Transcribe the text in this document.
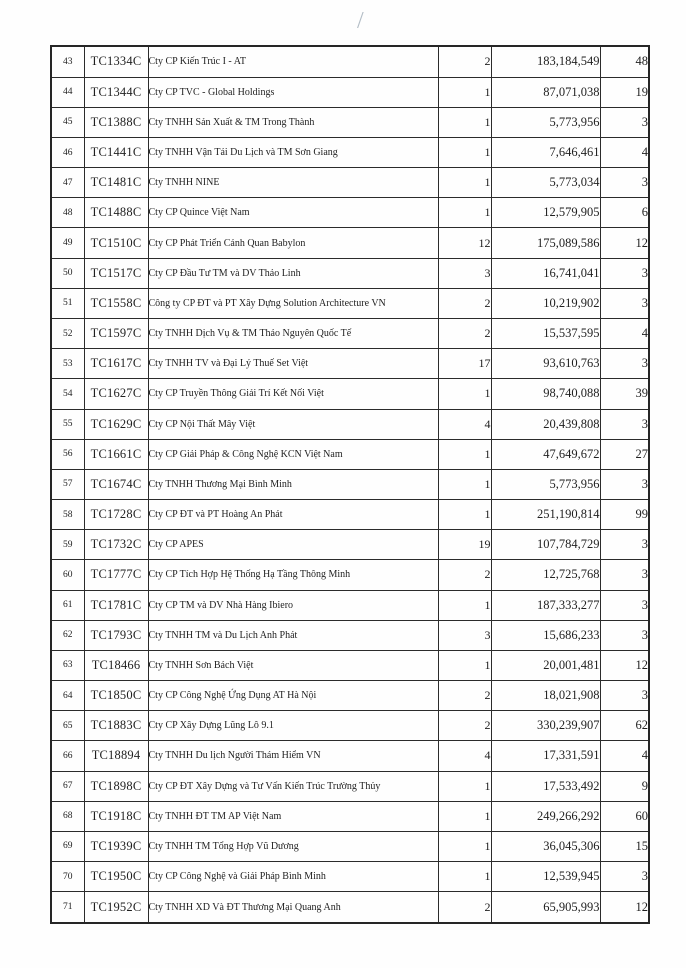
/
43	TC1334C	Cty CP Kiến Trúc I - AT	2	183,184,549	48
44	TC1344C	Cty CP TVC - Global Holdings	1	87,071,038	19
45	TC1388C	Cty TNHH Sản Xuất & TM Trong Thành	1	5,773,956	3
46	TC1441C	Cty TNHH Vận Tải Du Lịch và TM Sơn Giang	1	7,646,461	4
47	TC1481C	Cty TNHH NINE	1	5,773,034	3
48	TC1488C	Cty CP Quince Việt Nam	1	12,579,905	6
49	TC1510C	Cty CP Phát Triển Cảnh Quan Babylon	12	175,089,586	12
50	TC1517C	Cty CP Đầu Tư TM và DV Thảo Linh	3	16,741,041	3
51	TC1558C	Công ty CP ĐT và PT Xây Dựng Solution Architecture VN	2	10,219,902	3
52	TC1597C	Cty TNHH Dịch Vụ & TM Thảo Nguyên Quốc Tế	2	15,537,595	4
53	TC1617C	Cty TNHH TV và Đại Lý Thuế Set Việt	17	93,610,763	3
54	TC1627C	Cty CP Truyền Thông Giải Trí Kết Nối Việt	1	98,740,088	39
55	TC1629C	Cty CP Nội Thất Mây Việt	4	20,439,808	3
56	TC1661C	Cty CP Giải Pháp & Công Nghệ KCN Việt Nam	1	47,649,672	27
57	TC1674C	Cty TNHH Thương Mại Bình Minh	1	5,773,956	3
58	TC1728C	Cty CP ĐT và PT Hoàng An Phát	1	251,190,814	99
59	TC1732C	Cty CP APES	19	107,784,729	3
60	TC1777C	Cty CP Tích Hợp Hệ Thống Hạ Tầng Thông Minh	2	12,725,768	3
61	TC1781C	Cty CP TM và DV Nhà Hàng Ibiero	1	187,333,277	3
62	TC1793C	Cty TNHH TM và Du Lịch Anh Phát	3	15,686,233	3
63	TC18466	Cty TNHH Sơn Bách Việt	1	20,001,481	12
64	TC1850C	Cty CP Công Nghệ Ứng Dụng AT Hà Nội	2	18,021,908	3
65	TC1883C	Cty CP Xây Dựng Lũng Lô 9.1	2	330,239,907	62
66	TC18894	Cty TNHH Du lịch Người Thám Hiểm VN	4	17,331,591	4
67	TC1898C	Cty CP ĐT Xây Dựng và Tư Vấn Kiến Trúc Trường Thủy	1	17,533,492	9
68	TC1918C	Cty TNHH ĐT TM AP Việt Nam	1	249,266,292	60
69	TC1939C	Cty TNHH TM Tổng Hợp Vũ Dương	1	36,045,306	15
70	TC1950C	Cty CP Công Nghệ và Giải Pháp Bình Minh	1	12,539,945	3
71	TC1952C	Cty TNHH XD Và ĐT Thương Mại Quang Anh	2	65,905,993	12
